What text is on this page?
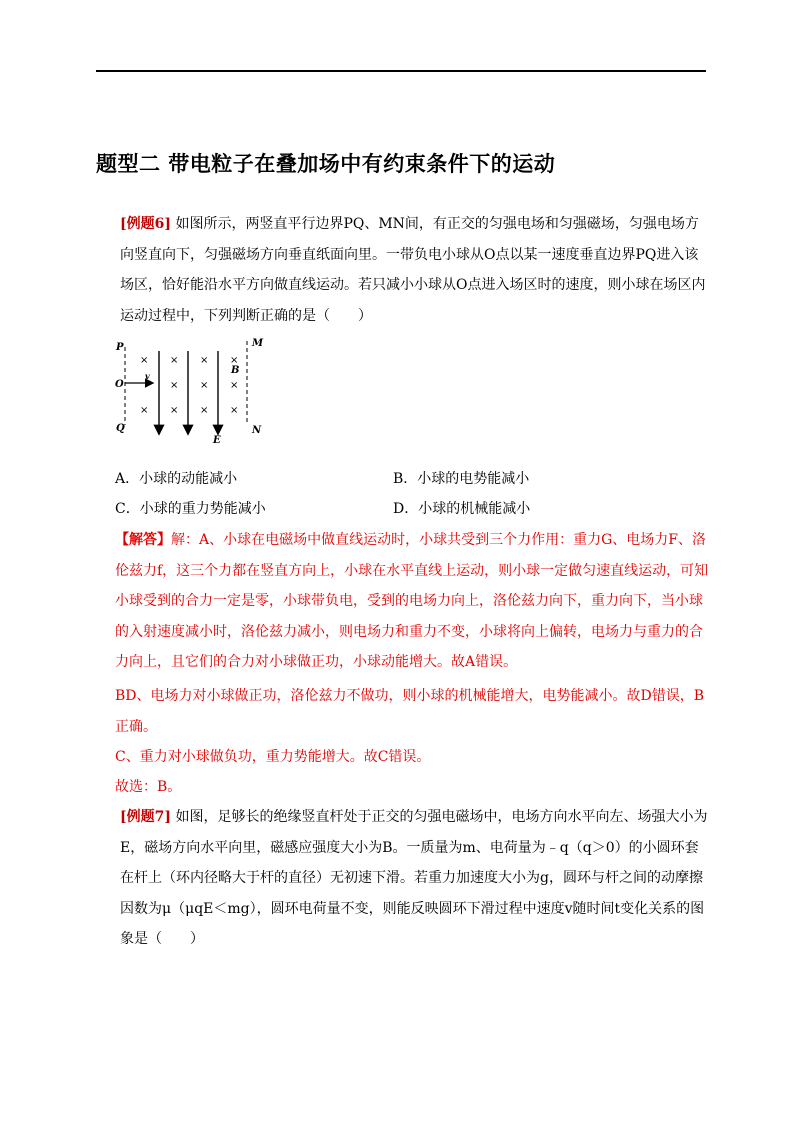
题型二 带电粒子在叠加场中有约束条件下的运动
[例题6] 如图所示，两竖直平行边界PQ、MN间，有正交的匀强电场和匀强磁场，匀强电场方向竖直向下，匀强磁场方向垂直纸面向里。一带负电小球从O点以某一速度垂直边界PQ进入该场区，恰好能沿水平方向做直线运动。若只减小小球从O点进入场区时的速度，则小球在场区内运动过程中，下列判断正确的是（　　）
× × × ×
× × ×
× × × ×
P
Q
M
N
O
v	B
E
A．小球的动能减小	B．小球的电势能减小
C．小球的重力势能减小	D．小球的机械能减小
【解答】解：A、小球在电磁场中做直线运动时，小球共受到三个力作用：重力G、电场力F、洛伦兹力f，这三个力都在竖直方向上，小球在水平直线上运动，则小球一定做匀速直线运动，可知小球受到的合力一定是零，小球带负电，受到的电场力向上，洛伦兹力向下，重力向下，当小球的入射速度减小时，洛伦兹力减小，则电场力和重力不变，小球将向上偏转，电场力与重力的合力向上，且它们的合力对小球做正功，小球动能增大。故A错误。
BD、电场力对小球做正功，洛伦兹力不做功，则小球的机械能增大，电势能减小。故D错误，B正确。
C、重力对小球做负功，重力势能增大。故C错误。
故选：B。
[例题7] 如图，足够长的绝缘竖直杆处于正交的匀强电磁场中，电场方向水平向左、场强大小为E，磁场方向水平向里，磁感应强度大小为B。一质量为m、电荷量为﹣q（q＞0）的小圆环套在杆上（环内径略大于杆的直径）无初速下滑。若重力加速度大小为g，圆环与杆之间的动摩擦因数为μ（μqE＜mg），圆环电荷量不变，则能反映圆环下滑过程中速度v随时间t变化关系的图象是（　　）
